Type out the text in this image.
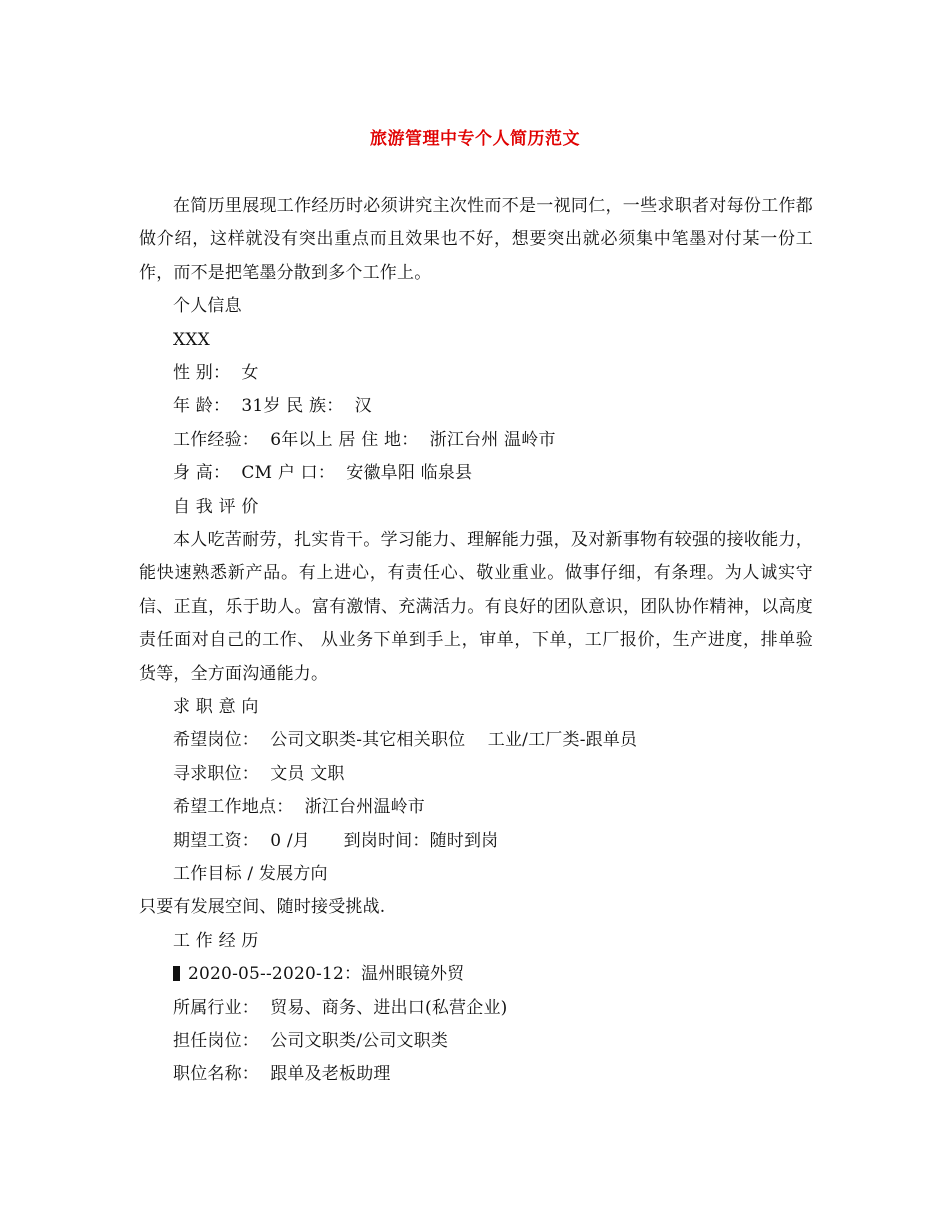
旅游管理中专个人简历范文

在简历里展现工作经历时必须讲究主次性而不是一视同仁，一些求职者对每份工作都做介绍，这样就没有突出重点而且效果也不好，想要突出就必须集中笔墨对付某一份工作，而不是把笔墨分散到多个工作上。

个人信息
XXX
性 别：  女
年 龄：  31岁 民 族：  汉
工作经验：  6年以上 居 住 地：  浙江台州 温岭市
身 高：  CM 户 口：  安徽阜阳 临泉县
自 我 评 价

本人吃苦耐劳，扎实肯干。学习能力、理解能力强，及对新事物有较强的接收能力，能快速熟悉新产品。有上进心，有责任心、敬业重业。做事仔细，有条理。为人诚实守信、正直，乐于助人。富有激情、充满活力。有良好的团队意识，团队协作精神，以高度责任面对自己的工作、 从业务下单到手上，审单，下单，工厂报价，生产进度，排单验货等，全方面沟通能力。

求 职 意 向
希望岗位：  公司文职类-其它相关职位    工业/工厂类-跟单员
寻求职位：  文员 文职
希望工作地点：  浙江台州温岭市
期望工资：  0 /月      到岗时间：随时到岗
工作目标 / 发展方向
只要有发展空间、随时接受挑战.
工 作 经 历
2020-05--2020-12：温州眼镜外贸
所属行业：  贸易、商务、进出口(私营企业)
担任岗位：  公司文职类/公司文职类
职位名称：  跟单及老板助理
